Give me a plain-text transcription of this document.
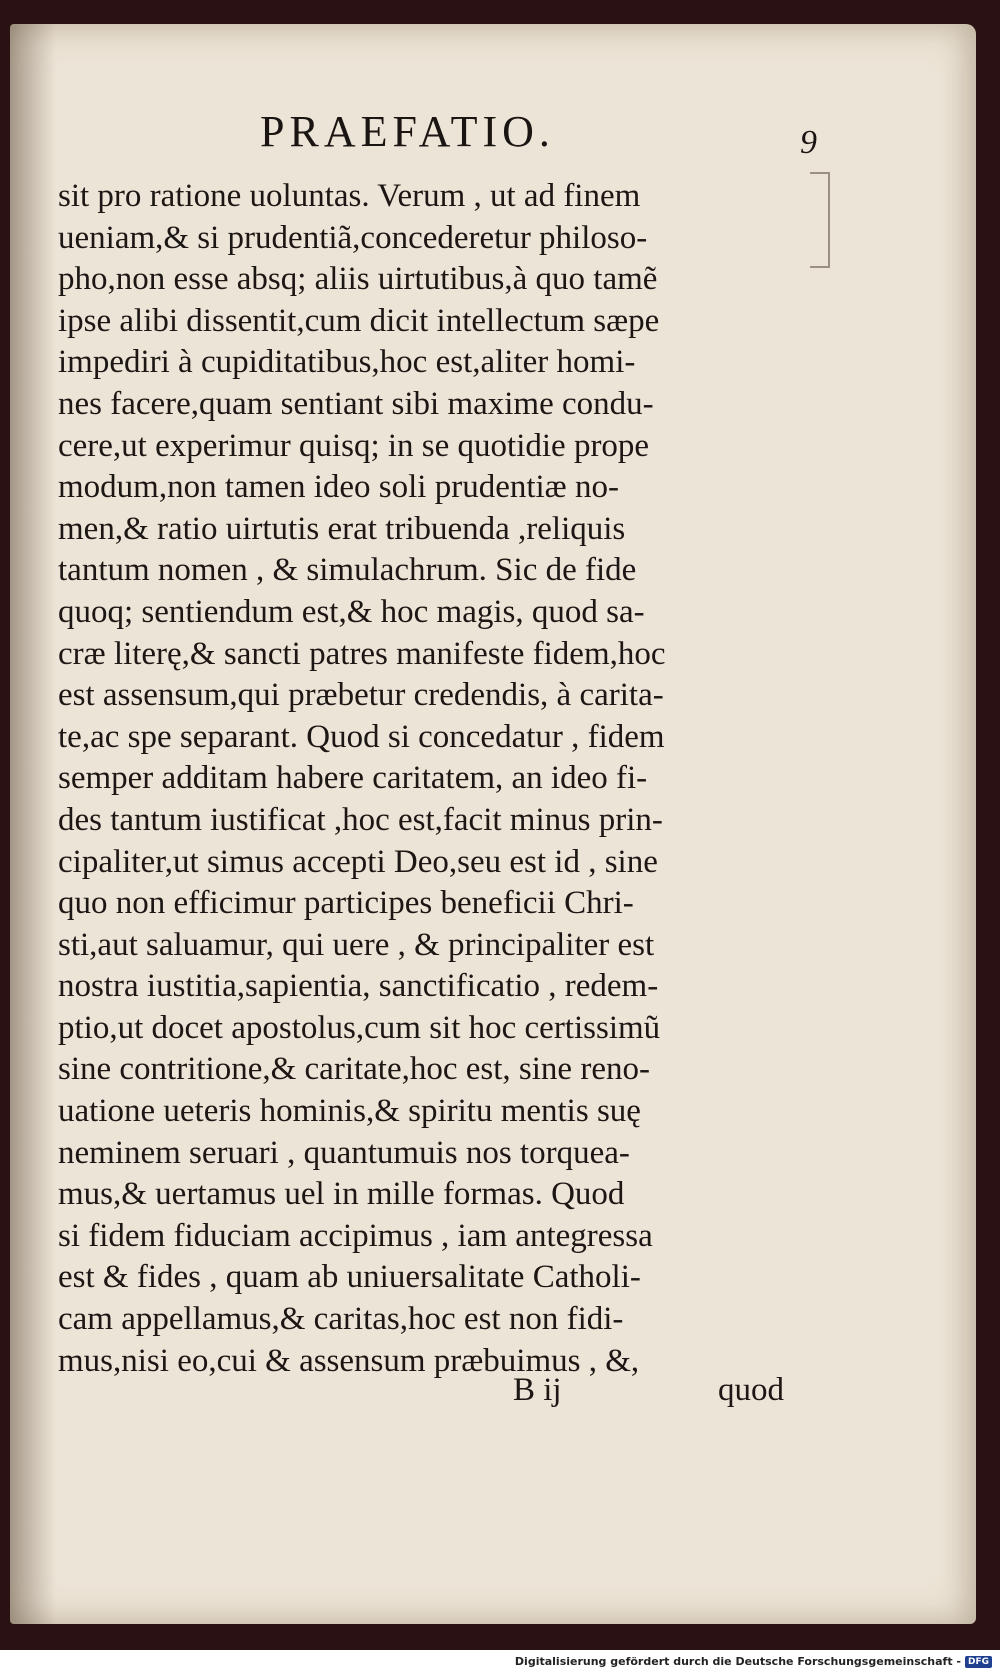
PRAEFATIO.	9
sit pro ratione uoluntas. Verum , ut ad finem
ueniam,& si prudentiã,concederetur philoso-
pho,non esse absq; aliis uirtutibus,à quo tamẽ
ipse alibi dissentit,cum dicit intellectum sæpe
impediri à cupiditatibus,hoc est,aliter homi-
nes facere,quam sentiant sibi maxime condu-
cere,ut experimur quisq; in se quotidie prope
modum,non tamen ideo soli prudentiæ no-
men,& ratio uirtutis erat tribuenda ,reliquis
tantum nomen , & simulachrum. Sic de fide
quoq; sentiendum est,& hoc magis, quod sa-
cræ literę,& sancti patres manifeste fidem,hoc
est assensum,qui præbetur credendis, à carita-
te,ac spe separant. Quod si concedatur , fidem
semper additam habere caritatem, an ideo fi-
des tantum iustificat ,hoc est,facit minus prin-
cipaliter,ut simus accepti Deo,seu est id , sine
quo non efficimur participes beneficii Chri-
sti,aut saluamur, qui uere , & principaliter est
nostra iustitia,sapientia, sanctificatio , redem-
ptio,ut docet apostolus,cum sit hoc certissimũ
sine contritione,& caritate,hoc est, sine reno-
uatione ueteris hominis,& spiritu mentis suę
neminem seruari , quantumuis nos torquea-
mus,& uertamus uel in mille formas. Quod
si fidem fiduciam accipimus , iam antegressa
est & fides , quam ab uniuersalitate Catholi-
cam appellamus,& caritas,hoc est non fidi-
mus,nisi eo,cui & assensum præbuimus , &,
B ij	quod
Digitalisierung gefördert durch die Deutsche Forschungsgemeinschaft - DFG
